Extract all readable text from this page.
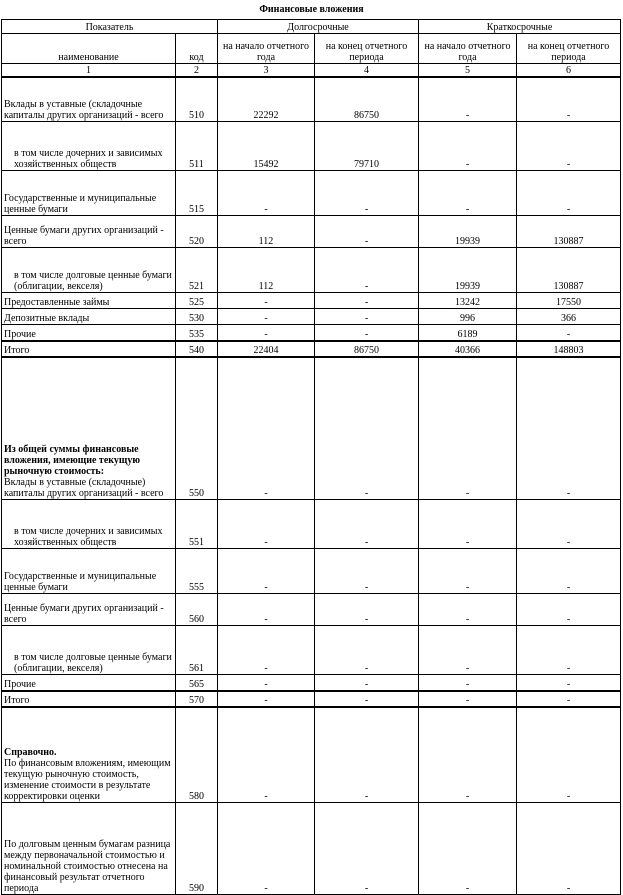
Финансовые вложения
Показатель		Долгосрочные		Краткосрочные	
наименование	код	на начало отчетного года	на конец отчетного периода	на начало отчетного года	на конец отчетного периода
1	2	3	4	5	6

Вклады в уставные (складочные капиталы других организаций - всего	510	22292	86750	-	-

в том числе дочерних и зависимых хозяйственных обществ	511	15492	79710	-	-

Государственные и муниципальные ценные бумаги	515	-	-	-	-

Ценные бумаги других организаций - всего	520	112	-	19939	130887

в том числе долговые ценные бумаги (облигации, векселя)	521	112	-	19939	130887

Предоставленные займы	525	-	-	13242	17550

Депозитные вклады	530	-	-	996	366

Прочие	535	-	-	6189	-

Итого	540	22404	86750	40366	148803

Из общей суммы финансовые вложения, имеющие текущую рыночную стоимость:
Вклады в уставные (складочные) капиталы других организаций - всего	550	-	-	-	-

в том числе дочерних и зависимых хозяйственных обществ	551	-	-	-	-

Государственные и муниципальные ценные бумаги	555	-	-	-	-

Ценные бумаги других организаций - всего	560	-	-	-	-

в том числе долговые ценные бумаги (облигации, векселя)	561	-	-	-	-

Прочие	565	-	-	-	-

Итого	570	-	-	-	-

Справочно.
По финансовым вложениям, имеющим текущую рыночную стоимость, изменение стоимости в результате корректировки оценки	580	-	-	-	-

По долговым ценным бумагам разница между первоначальной стоимостью и номинальной стоимостью отнесена на финансовый результат отчетного периода	590	-	-	-	-
